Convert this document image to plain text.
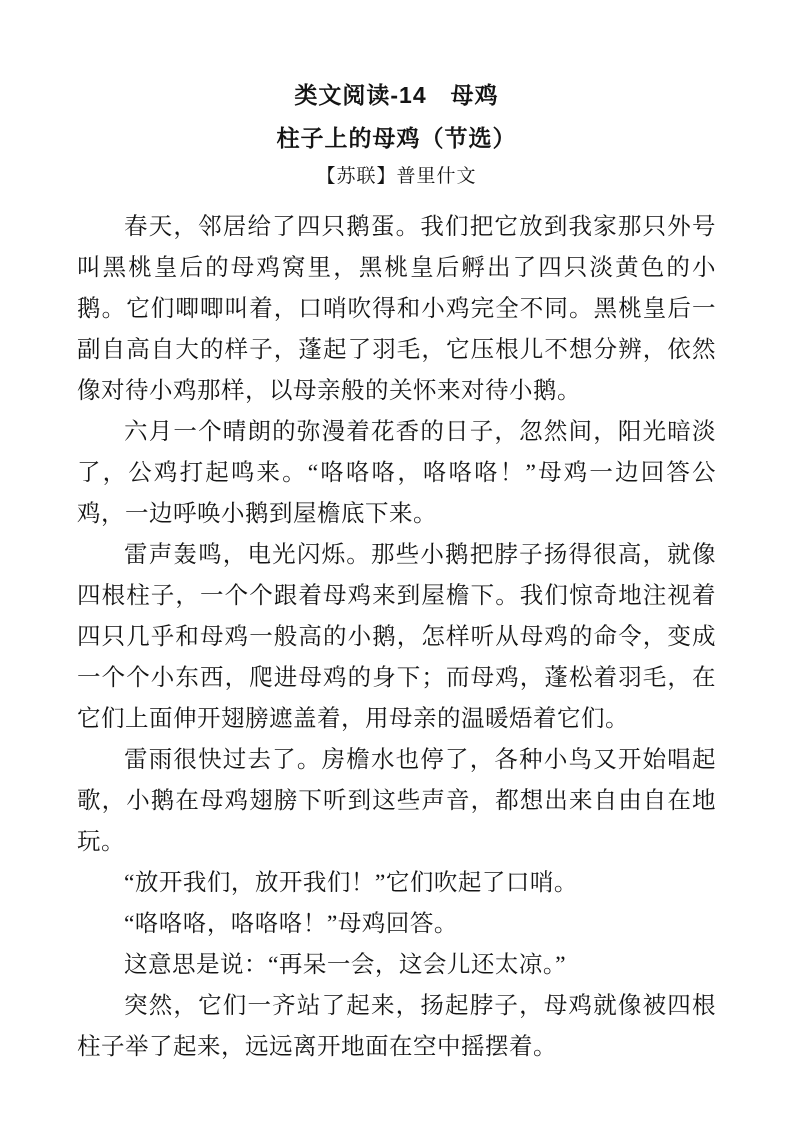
类文阅读-14　母鸡
柱子上的母鸡（节选）
【苏联】普里什文

春天，邻居给了四只鹅蛋。我们把它放到我家那只外号叫黑桃皇后的母鸡窝里，黑桃皇后孵出了四只淡黄色的小鹅。它们唧唧叫着，口哨吹得和小鸡完全不同。黑桃皇后一副自高自大的样子，蓬起了羽毛，它压根儿不想分辨，依然像对待小鸡那样，以母亲般的关怀来对待小鹅。

六月一个晴朗的弥漫着花香的日子，忽然间，阳光暗淡了，公鸡打起鸣来。“咯咯咯，咯咯咯！”母鸡一边回答公鸡，一边呼唤小鹅到屋檐底下来。

雷声轰鸣，电光闪烁。那些小鹅把脖子扬得很高，就像四根柱子，一个个跟着母鸡来到屋檐下。我们惊奇地注视着四只几乎和母鸡一般高的小鹅，怎样听从母鸡的命令，变成一个个小东西，爬进母鸡的身下；而母鸡，蓬松着羽毛，在它们上面伸开翅膀遮盖着，用母亲的温暖焐着它们。

雷雨很快过去了。房檐水也停了，各种小鸟又开始唱起歌，小鹅在母鸡翅膀下听到这些声音，都想出来自由自在地玩。

“放开我们，放开我们！”它们吹起了口哨。

“咯咯咯，咯咯咯！”母鸡回答。

这意思是说：“再呆一会，这会儿还太凉。”

突然，它们一齐站了起来，扬起脖子，母鸡就像被四根柱子举了起来，远远离开地面在空中摇摆着。
